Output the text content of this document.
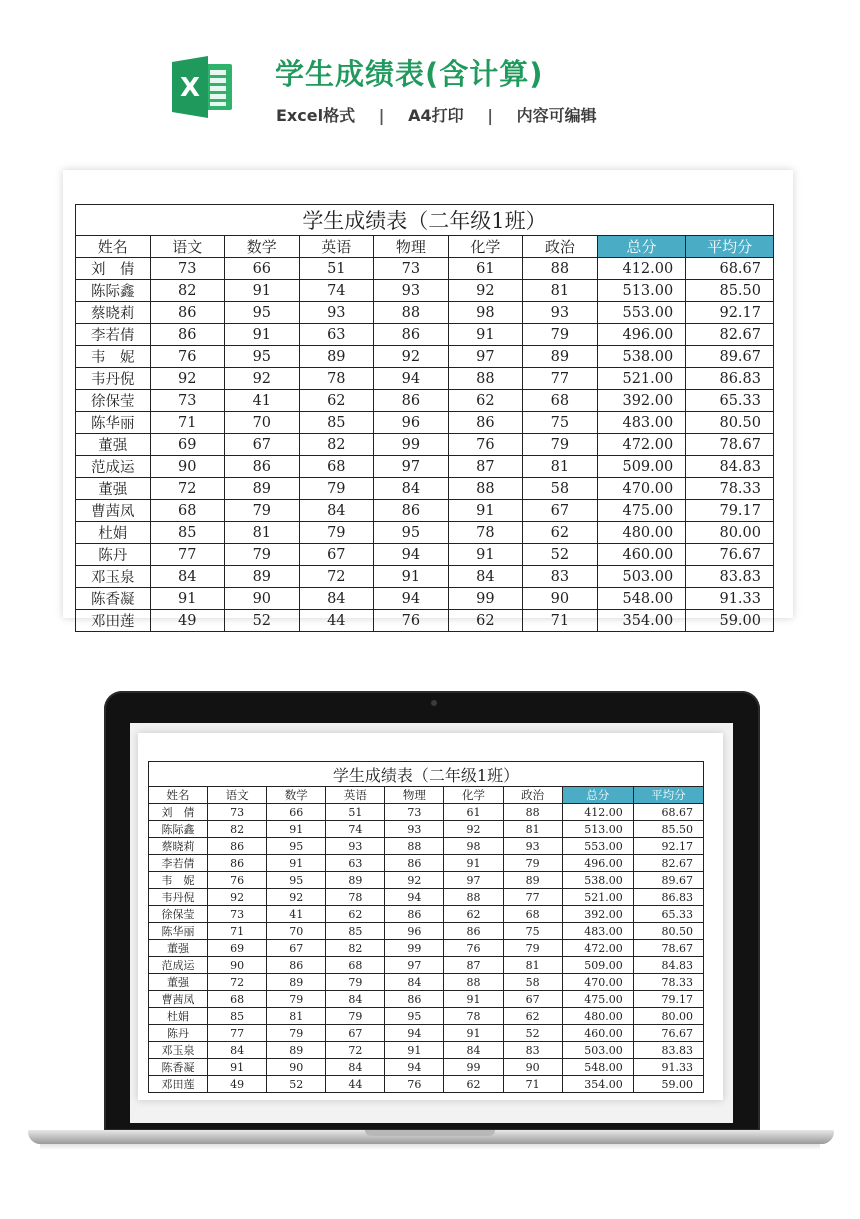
X	学生成绩表(含计算)
Excel格式 | A4打印 | 内容可编辑
学生成绩表（二年级1班）								
姓名	语文	数学	英语	物理	化学	政治	总分	平均分
刘　倩	73	66	51	73	61	88	412.00	68.67
陈际鑫	82	91	74	93	92	81	513.00	85.50
蔡晓莉	86	95	93	88	98	93	553.00	92.17
李若倩	86	91	63	86	91	79	496.00	82.67
韦　妮	76	95	89	92	97	89	538.00	89.67
韦丹倪	92	92	78	94	88	77	521.00	86.83
徐保莹	73	41	62	86	62	68	392.00	65.33
陈华丽	71	70	85	96	86	75	483.00	80.50
董强	69	67	82	99	76	79	472.00	78.67
范成运	90	86	68	97	87	81	509.00	84.83
董强	72	89	79	84	88	58	470.00	78.33
曹茜凤	68	79	84	86	91	67	475.00	79.17
杜娟	85	81	79	95	78	62	480.00	80.00
陈丹	77	79	67	94	91	52	460.00	76.67
邓玉泉	84	89	72	91	84	83	503.00	83.83
陈香凝	91	90	84	94	99	90	548.00	91.33
邓田莲	49	52	44	76	62	71	354.00	59.00
学生成绩表（二年级1班）								
姓名	语文	数学	英语	物理	化学	政治	总分	平均分
刘　倩	73	66	51	73	61	88	412.00	68.67
陈际鑫	82	91	74	93	92	81	513.00	85.50
蔡晓莉	86	95	93	88	98	93	553.00	92.17
李若倩	86	91	63	86	91	79	496.00	82.67
韦　妮	76	95	89	92	97	89	538.00	89.67
韦丹倪	92	92	78	94	88	77	521.00	86.83
徐保莹	73	41	62	86	62	68	392.00	65.33
陈华丽	71	70	85	96	86	75	483.00	80.50
董强	69	67	82	99	76	79	472.00	78.67
范成运	90	86	68	97	87	81	509.00	84.83
董强	72	89	79	84	88	58	470.00	78.33
曹茜凤	68	79	84	86	91	67	475.00	79.17
杜娟	85	81	79	95	78	62	480.00	80.00
陈丹	77	79	67	94	91	52	460.00	76.67
邓玉泉	84	89	72	91	84	83	503.00	83.83
陈香凝	91	90	84	94	99	90	548.00	91.33
邓田莲	49	52	44	76	62	71	354.00	59.00
